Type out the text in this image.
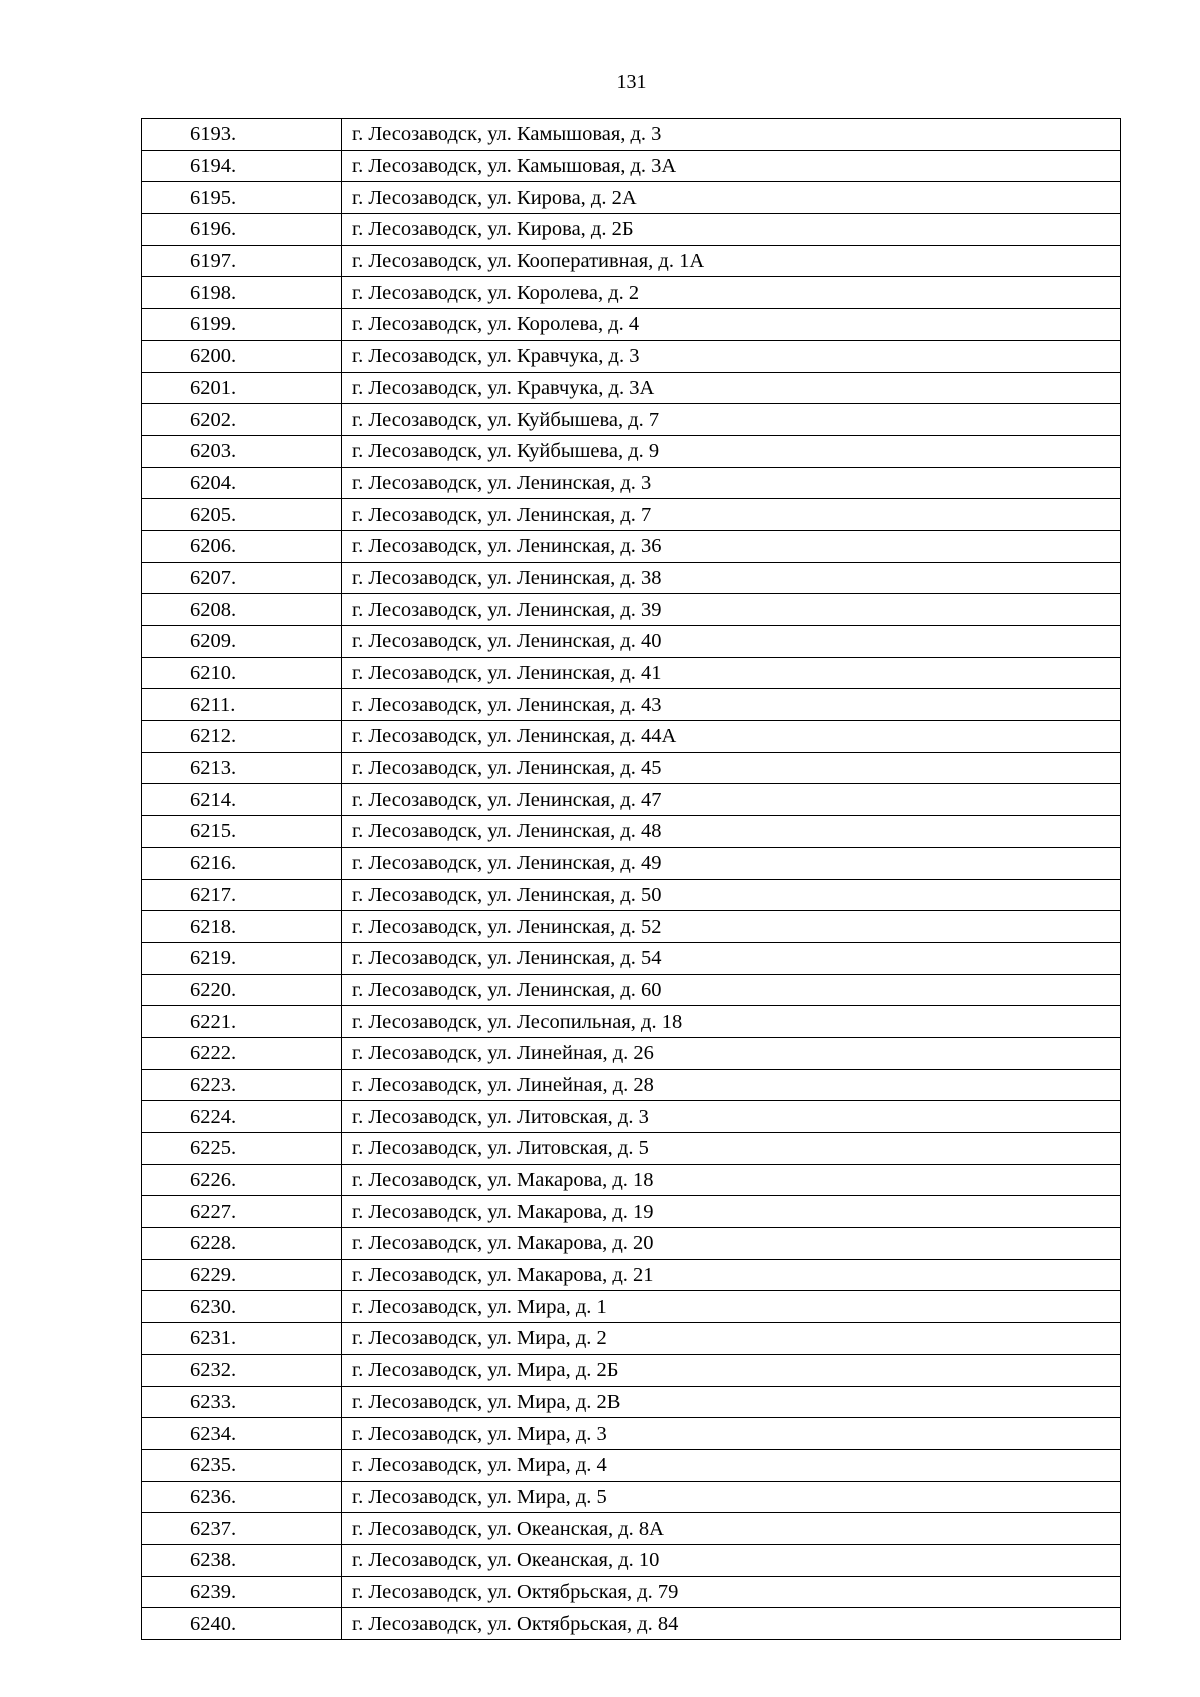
131
6193.	г. Лесозаводск, ул. Камышовая, д. 3
6194.	г. Лесозаводск, ул. Камышовая, д. 3А
6195.	г. Лесозаводск, ул. Кирова, д. 2А
6196.	г. Лесозаводск, ул. Кирова, д. 2Б
6197.	г. Лесозаводск, ул. Кооперативная, д. 1А
6198.	г. Лесозаводск, ул. Королева, д. 2
6199.	г. Лесозаводск, ул. Королева, д. 4
6200.	г. Лесозаводск, ул. Кравчука, д. 3
6201.	г. Лесозаводск, ул. Кравчука, д. 3А
6202.	г. Лесозаводск, ул. Куйбышева, д. 7
6203.	г. Лесозаводск, ул. Куйбышева, д. 9
6204.	г. Лесозаводск, ул. Ленинская, д. 3
6205.	г. Лесозаводск, ул. Ленинская, д. 7
6206.	г. Лесозаводск, ул. Ленинская, д. 36
6207.	г. Лесозаводск, ул. Ленинская, д. 38
6208.	г. Лесозаводск, ул. Ленинская, д. 39
6209.	г. Лесозаводск, ул. Ленинская, д. 40
6210.	г. Лесозаводск, ул. Ленинская, д. 41
6211.	г. Лесозаводск, ул. Ленинская, д. 43
6212.	г. Лесозаводск, ул. Ленинская, д. 44А
6213.	г. Лесозаводск, ул. Ленинская, д. 45
6214.	г. Лесозаводск, ул. Ленинская, д. 47
6215.	г. Лесозаводск, ул. Ленинская, д. 48
6216.	г. Лесозаводск, ул. Ленинская, д. 49
6217.	г. Лесозаводск, ул. Ленинская, д. 50
6218.	г. Лесозаводск, ул. Ленинская, д. 52
6219.	г. Лесозаводск, ул. Ленинская, д. 54
6220.	г. Лесозаводск, ул. Ленинская, д. 60
6221.	г. Лесозаводск, ул. Лесопильная, д. 18
6222.	г. Лесозаводск, ул. Линейная, д. 26
6223.	г. Лесозаводск, ул. Линейная, д. 28
6224.	г. Лесозаводск, ул. Литовская, д. 3
6225.	г. Лесозаводск, ул. Литовская, д. 5
6226.	г. Лесозаводск, ул. Макарова, д. 18
6227.	г. Лесозаводск, ул. Макарова, д. 19
6228.	г. Лесозаводск, ул. Макарова, д. 20
6229.	г. Лесозаводск, ул. Макарова, д. 21
6230.	г. Лесозаводск, ул. Мира, д. 1
6231.	г. Лесозаводск, ул. Мира, д. 2
6232.	г. Лесозаводск, ул. Мира, д. 2Б
6233.	г. Лесозаводск, ул. Мира, д. 2В
6234.	г. Лесозаводск, ул. Мира, д. 3
6235.	г. Лесозаводск, ул. Мира, д. 4
6236.	г. Лесозаводск, ул. Мира, д. 5
6237.	г. Лесозаводск, ул. Океанская, д. 8А
6238.	г. Лесозаводск, ул. Океанская, д. 10
6239.	г. Лесозаводск, ул. Октябрьская, д. 79
6240.	г. Лесозаводск, ул. Октябрьская, д. 84
